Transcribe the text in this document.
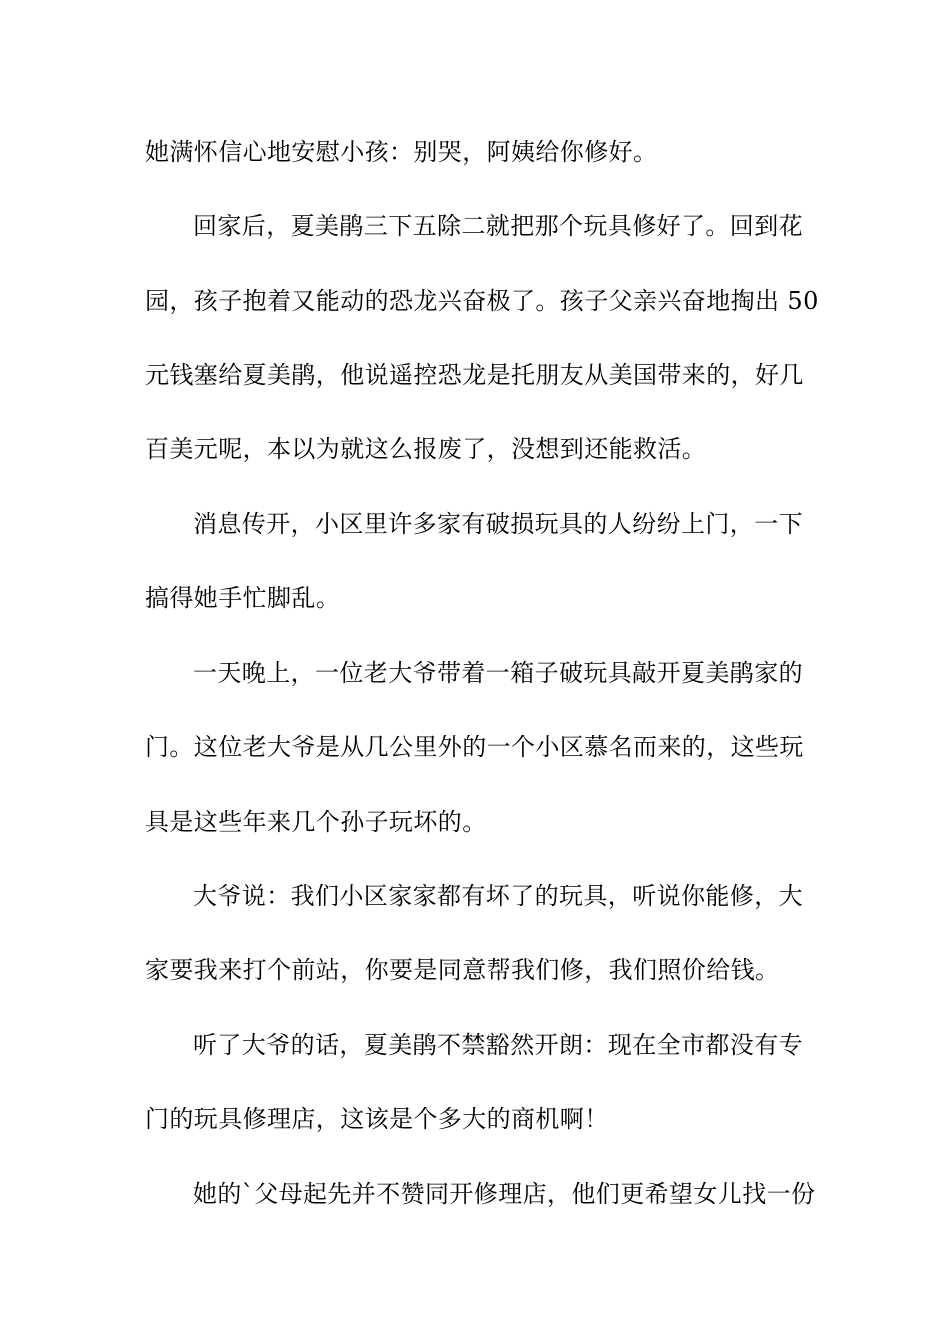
她满怀信心地安慰小孩：别哭，阿姨给你修好。
回家后，夏美鹃三下五除二就把那个玩具修好了。回到花
园，孩子抱着又能动的恐龙兴奋极了。孩子父亲兴奋地掏出 50
元钱塞给夏美鹃，他说遥控恐龙是托朋友从美国带来的，好几
百美元呢，本以为就这么报废了，没想到还能救活。
消息传开，小区里许多家有破损玩具的人纷纷上门，一下
搞得她手忙脚乱。
一天晚上，一位老大爷带着一箱子破玩具敲开夏美鹃家的
门。这位老大爷是从几公里外的一个小区慕名而来的，这些玩
具是这些年来几个孙子玩坏的。
大爷说：我们小区家家都有坏了的玩具，听说你能修，大
家要我来打个前站，你要是同意帮我们修，我们照价给钱。
听了大爷的话，夏美鹃不禁豁然开朗：现在全市都没有专
门的玩具修理店，这该是个多大的商机啊！
她的`父母起先并不赞同开修理店，他们更希望女儿找一份
